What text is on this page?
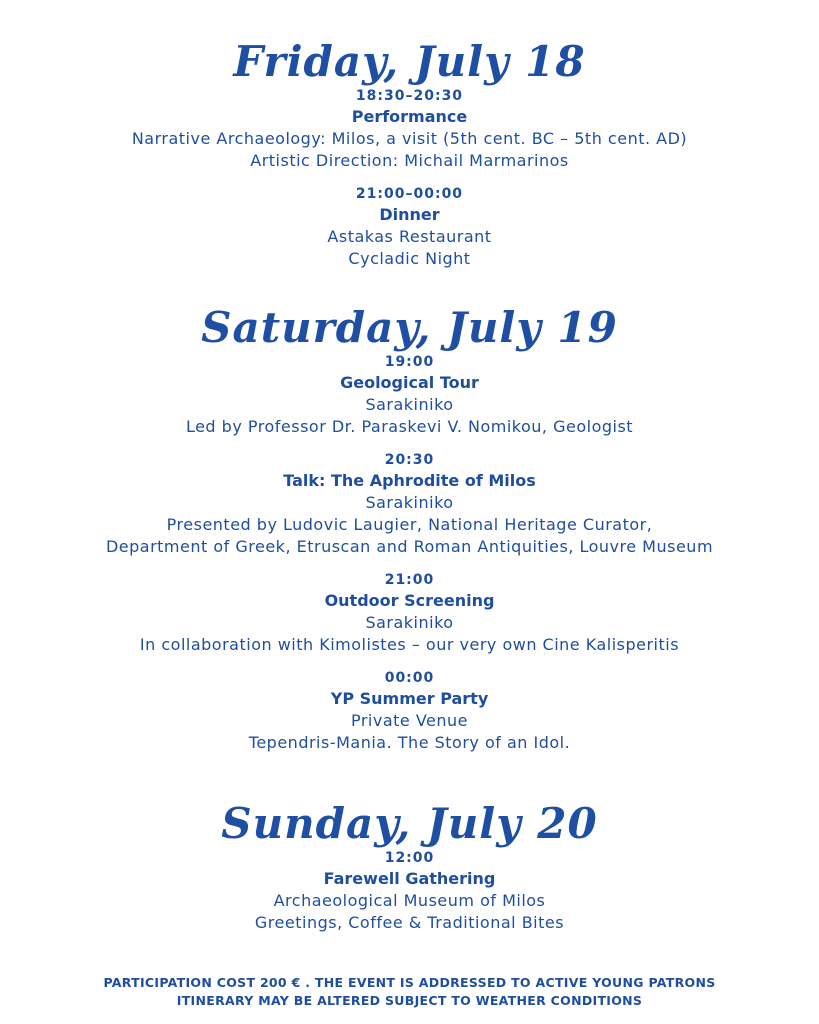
Friday, July 18
18:30–20:30
Performance
Narrative Archaeology: Milos, a visit (5th cent. BC – 5th cent. AD)
Artistic Direction: Michail Marmarinos
21:00–00:00
Dinner
Astakas Restaurant
Cycladic Night
Saturday, July 19
19:00
Geological Tour
Sarakiniko
Led by Professor Dr. Paraskevi V. Nomikou, Geologist
20:30
Talk: The Aphrodite of Milos
Sarakiniko
Presented by Ludovic Laugier, National Heritage Curator,
Department of Greek, Etruscan and Roman Antiquities, Louvre Museum
21:00
Outdoor Screening
Sarakiniko
In collaboration with Kimolistes – our very own Cine Kalisperitis
00:00
YP Summer Party
Private Venue
Tependris-Mania. The Story of an Idol.
Sunday, July 20
12:00
Farewell Gathering
Archaeological Museum of Milos
Greetings, Coffee & Traditional Bites
PARTICIPATION COST 200 € . THE EVENT IS ADDRESSED TO ACTIVE YOUNG PATRONS
ITINERARY MAY BE ALTERED SUBJECT TO WEATHER CONDITIONS
